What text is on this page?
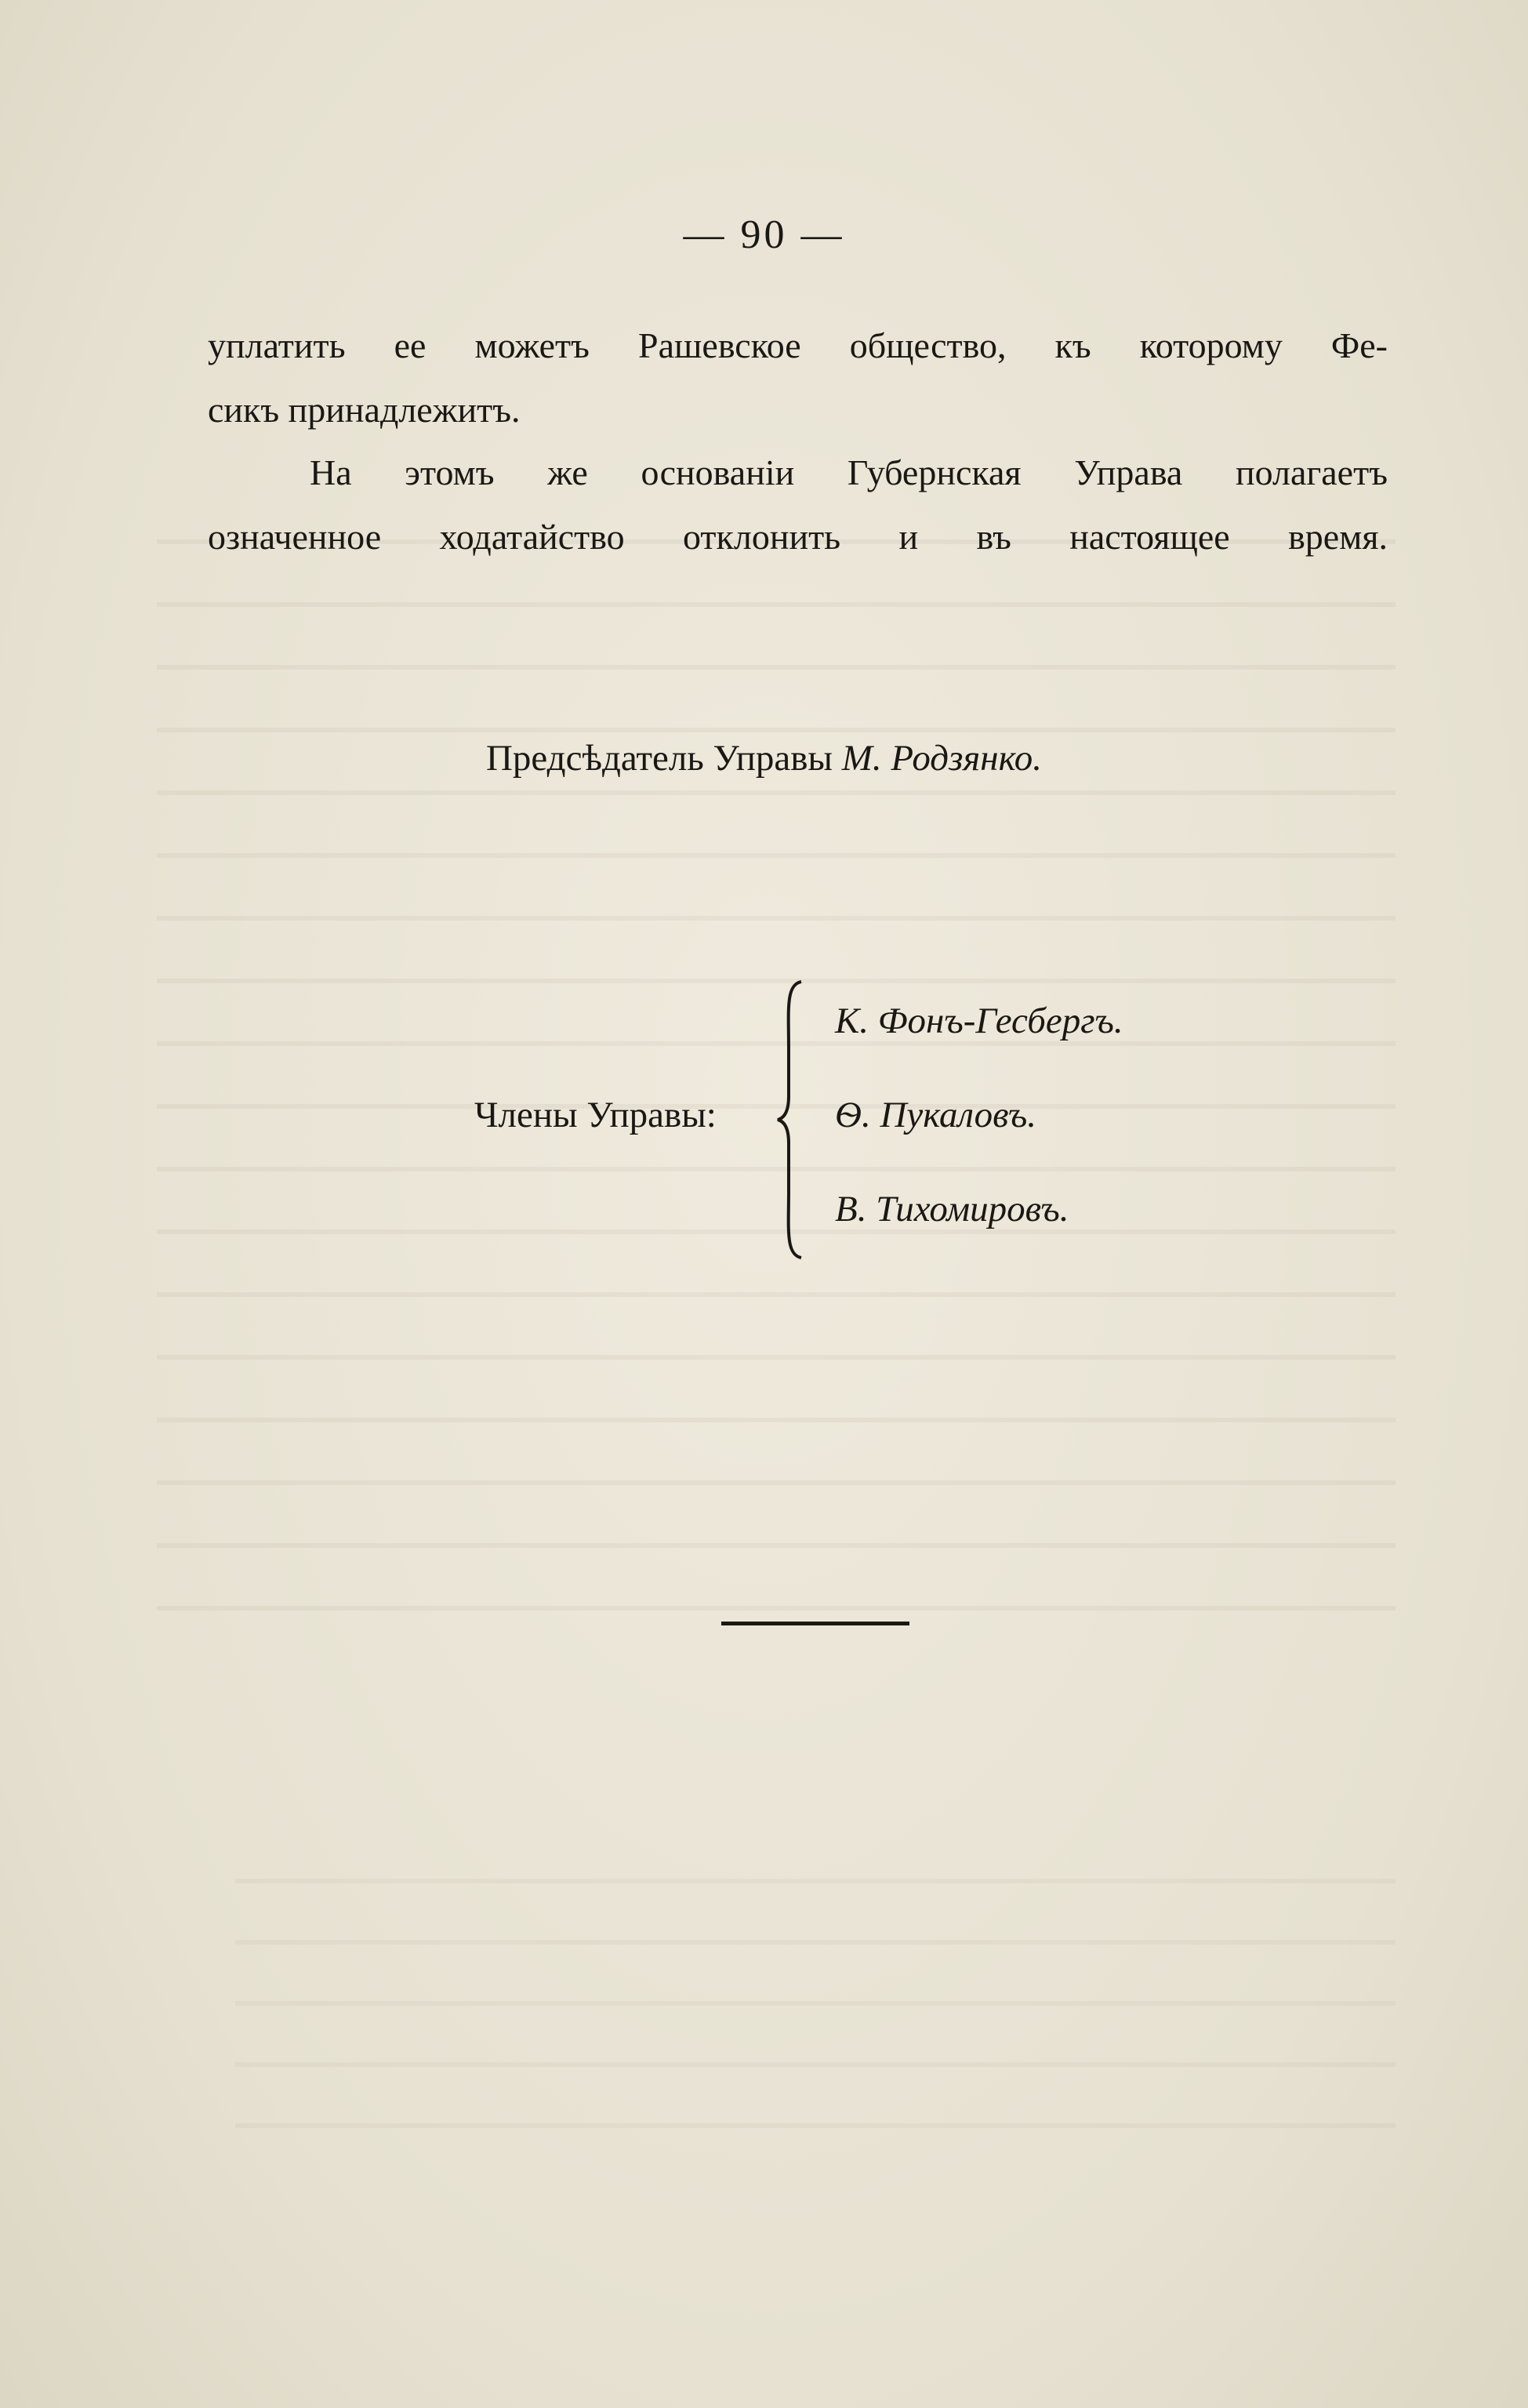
— 90 —

уплатить ее можетъ Рашевское общество, къ которому Фе-
сикъ принадлежитъ.

На этомъ же основанiи Губернская Управа полагаетъ
означенное ходатайство отклонить и въ настоящее время.

Предсѣдатель Управы М. Родзянко.
Члены Управы:
К. Фонъ-Гесбергъ.
Ѳ. Пукаловъ.
В. Тихомировъ.
